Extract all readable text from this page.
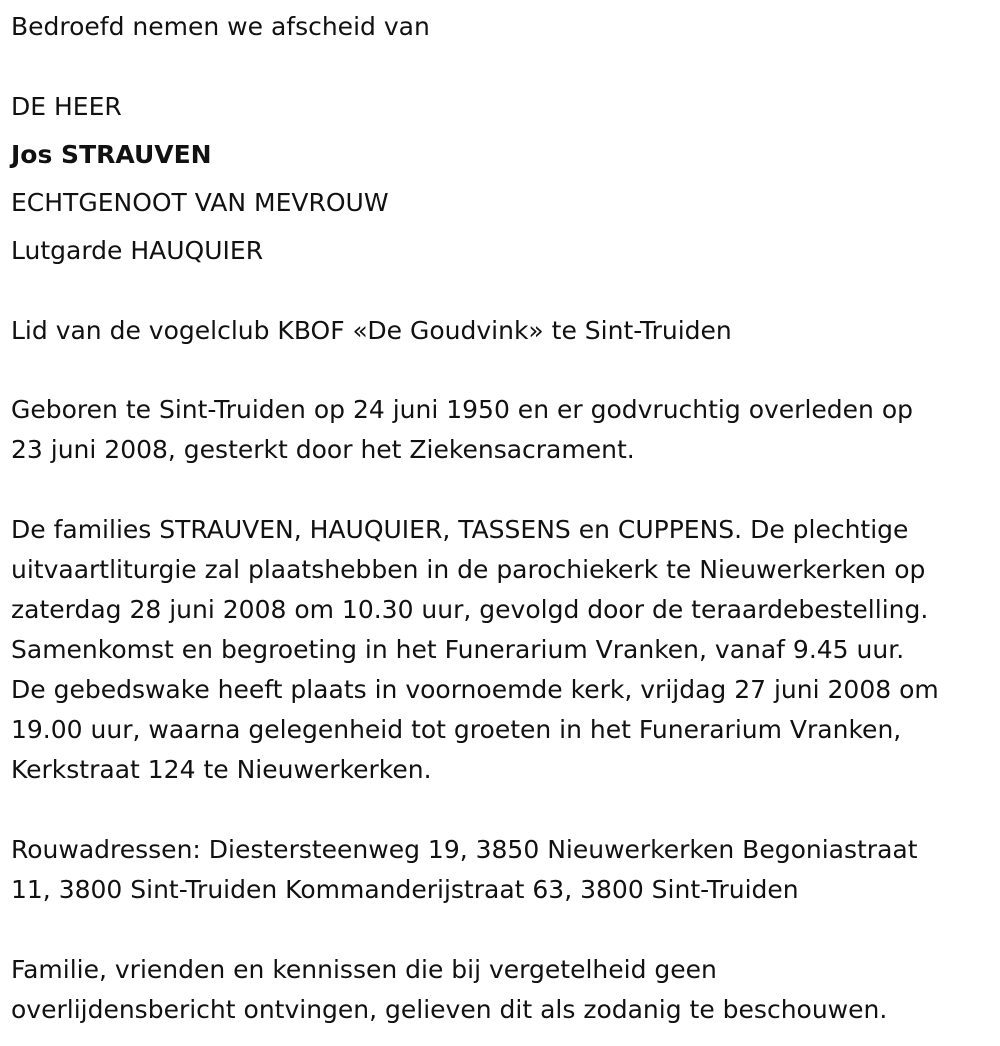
Bedroefd nemen we afscheid van
DE HEER
Jos STRAUVEN
ECHTGENOOT VAN MEVROUW
Lutgarde HAUQUIER
Lid van de vogelclub KBOF «De Goudvink» te Sint-Truiden
Geboren te Sint-Truiden op 24 juni 1950 en er godvruchtig overleden op
23 juni 2008, gesterkt door het Ziekensacrament.
De families STRAUVEN, HAUQUIER, TASSENS en CUPPENS. De plechtige
uitvaartliturgie zal plaatshebben in de parochiekerk te Nieuwerkerken op
zaterdag 28 juni 2008 om 10.30 uur, gevolgd door de teraardebestelling.
Samenkomst en begroeting in het Funerarium Vranken, vanaf 9.45 uur.
De gebedswake heeft plaats in voornoemde kerk, vrijdag 27 juni 2008 om
19.00 uur, waarna gelegenheid tot groeten in het Funerarium Vranken,
Kerkstraat 124 te Nieuwerkerken.
Rouwadressen: Diestersteenweg 19, 3850 Nieuwerkerken Begoniastraat
11, 3800 Sint-Truiden Kommanderijstraat 63, 3800 Sint-Truiden
Familie, vrienden en kennissen die bij vergetelheid geen
overlijdensbericht ontvingen, gelieven dit als zodanig te beschouwen.
